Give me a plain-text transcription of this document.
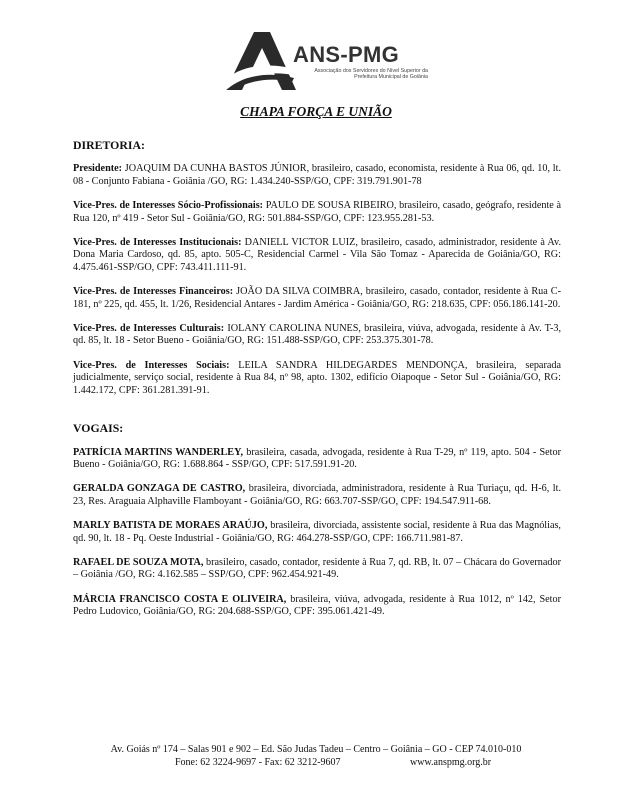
ANS-PMG
Associação dos Servidores do Nível Superior da Prefeitura Municipal de Goiânia
CHAPA FORÇA E UNIÃO
DIRETORIA:
Presidente: JOAQUIM DA CUNHA BASTOS JÚNIOR, brasileiro, casado, economista, residente à Rua 06, qd. 10, lt. 08 - Conjunto Fabiana - Goiânia /GO, RG: 1.434.240-SSP/GO, CPF: 319.791.901-78
Vice-Pres. de Interesses Sócio-Profissionais: PAULO DE SOUSA RIBEIRO, brasileiro, casado, geógrafo, residente à Rua 120, nº 419 - Setor Sul - Goiânia/GO, RG: 501.884-SSP/GO, CPF: 123.955.281-53.
Vice-Pres. de Interesses Institucionais: DANIELL VICTOR LUIZ, brasileiro, casado, administrador, residente à Av. Dona Maria Cardoso, qd. 85, apto. 505-C, Residencial Carmel - Vila São Tomaz - Aparecida de Goiânia/GO, RG: 4.475.461-SSP/GO, CPF: 743.411.111-91.
Vice-Pres. de Interesses Financeiros: JOÃO DA SILVA COIMBRA, brasileiro, casado, contador, residente à Rua C-181, nº 225, qd. 455, lt. 1/26, Residencial Antares - Jardim América - Goiânia/GO, RG: 218.635, CPF: 056.186.141-20.
Vice-Pres. de Interesses Culturais: IOLANY CAROLINA NUNES, brasileira, viúva, advogada, residente à Av. T-3, qd. 85, lt. 18 - Setor Bueno - Goiânia/GO, RG: 151.488-SSP/GO, CPF: 253.375.301-78.
Vice-Pres. de Interesses Sociais: LEILA SANDRA HILDEGARDES MENDONÇA, brasileira, separada judicialmente, serviço social, residente à Rua 84, nº 98, apto. 1302, edifício Oiapoque - Setor Sul - Goiânia/GO, RG: 1.442.172, CPF: 361.281.391-91.
VOGAIS:
PATRÍCIA MARTINS WANDERLEY, brasileira, casada, advogada, residente à Rua T-29, nº 119, apto. 504 - Setor Bueno - Goiânia/GO, RG: 1.688.864 - SSP/GO, CPF: 517.591.91-20.
GERALDA GONZAGA DE CASTRO, brasileira, divorciada, administradora, residente à Rua Turiaçu, qd. H-6, lt. 23, Res. Araguaia Alphaville Flamboyant - Goiânia/GO, RG: 663.707-SSP/GO, CPF: 194.547.911-68.
MARLY BATISTA DE MORAES ARAÚJO, brasileira, divorciada, assistente social, residente à Rua das Magnólias, qd. 90, lt. 18 - Pq. Oeste Industrial - Goiânia/GO, RG: 464.278-SSP/GO, CPF: 166.711.981-87.
RAFAEL DE SOUZA MOTA, brasileiro, casado, contador, residente à Rua 7, qd. RB, lt. 07 – Chácara do Governador – Goiânia /GO, RG: 4.162.585 – SSP/GO, CPF: 962.454.921-49.
MÁRCIA FRANCISCO COSTA E OLIVEIRA, brasileira, viúva, advogada, residente à Rua 1012, nº 142, Setor Pedro Ludovico, Goiânia/GO, RG: 204.688-SSP/GO, CPF: 395.061.421-49.
Av. Goiás nº 174 – Salas 901 e 902 – Ed. São Judas Tadeu – Centro – Goiânia – GO - CEP 74.010-010
Fone: 62 3224-9697 - Fax: 62 3212-9607	www.anspmg.org.br
